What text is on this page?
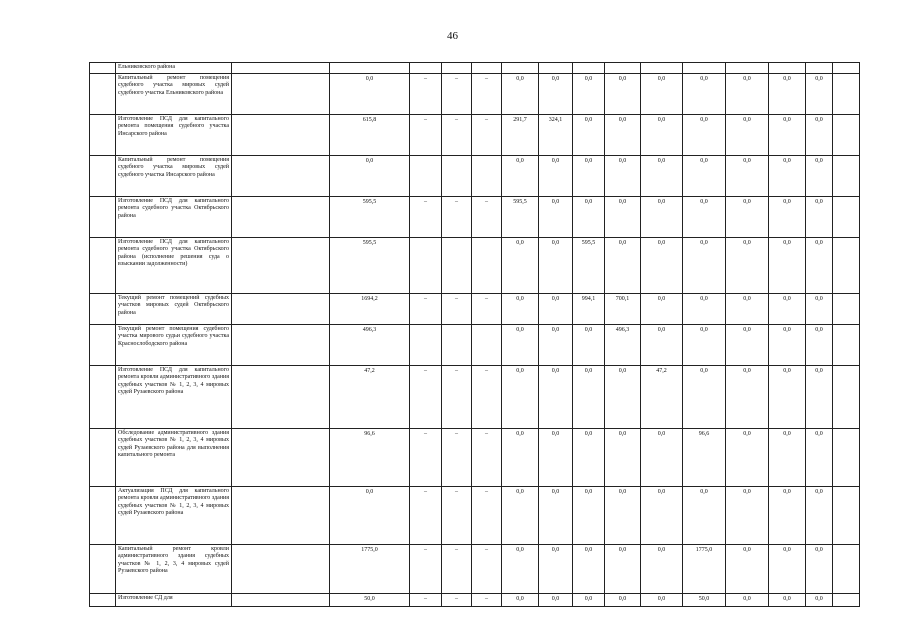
46
	Ельниковского района															
	Капитальный ремонт помещения судебного участка мировых судей судебного участка Ельниковского района		0,0	–	–	–	0,0	0,0	0,0	0,0	0,0	0,0	0,0	0,0	0,0	
	Изготовление ПСД для капитального ремонта помещения судебного участка Инсарского района		615,8	–	–	–	291,7	324,1	0,0	0,0	0,0	0,0	0,0	0,0	0,0	
	Капитальный ремонт помещения судебного участка мировых судей судебного участка Инсарского района		0,0				0,0	0,0	0,0	0,0	0,0	0,0	0,0	0,0	0,0	
	Изготовление ПСД для капитального ремонта судебного участка Октябрьского района		595,5	–	–	–	595,5	0,0	0,0	0,0	0,0	0,0	0,0	0,0	0,0	
	Изготовление ПСД для капитального ремонта судебного участка Октябрьского района (исполнение решения суда о взыскании задолженности)		595,5				0,0	0,0	595,5	0,0	0,0	0,0	0,0	0,0	0,0	
	Текущий ремонт помещений судебных участков мировых судей Октябрьского района		1694,2	–	–	–	0,0	0,0	994,1	700,1	0,0	0,0	0,0	0,0	0,0	
	Текущий ремонт помещения судебного участка мирового судьи судебного участка Краснослободского района		496,3				0,0	0,0	0,0	496,3	0,0	0,0	0,0	0,0	0,0	
	Изготовление ПСД для капитального ремонта кровли административного здания судебных участков № 1, 2, 3, 4 мировых судей Рузаевского района		47,2	–	–	–	0,0	0,0	0,0	0,0	47,2	0,0	0,0	0,0	0,0	
	Обследование административного здания судебных участков № 1, 2, 3, 4 мировых судей Рузаевского района для выполнения капитального ремонта		96,6	–	–	–	0,0	0,0	0,0	0,0	0,0	96,6	0,0	0,0	0,0	
	Актуализация ПСД для капитального ремонта кровли административного здания судебных участков № 1, 2, 3, 4 мировых судей Рузаевского района		0,0	–	–	–	0,0	0,0	0,0	0,0	0,0	0,0	0,0	0,0	0,0	
	Капитальный ремонт кровли административного здания судебных участков № 1, 2, 3, 4 мировых судей Рузаевского района		1775,0	–	–	–	0,0	0,0	0,0	0,0	0,0	1775,0	0,0	0,0	0,0	
	Изготовление СД для		50,0	–	–	–	0,0	0,0	0,0	0,0	0,0	50,0	0,0	0,0	0,0	
